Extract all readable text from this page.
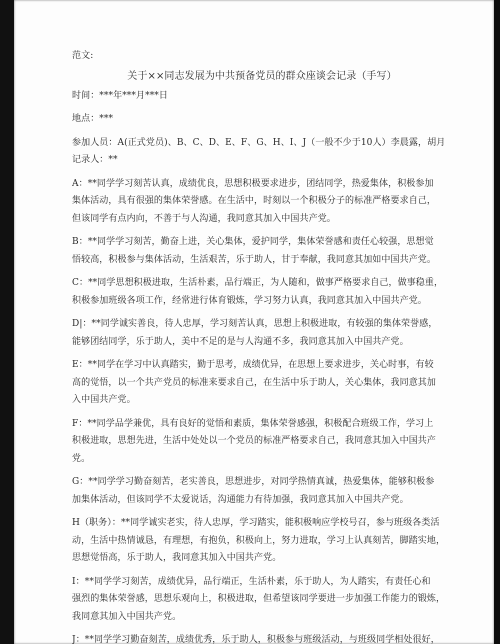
范文:
关于××同志发展为中共预备党员的群众座谈会记录（手写）
时间：***年***月***日
地点：***
参加人员：A(正式党员)、B、C、D、E、F、G、H、I、J（一般不少于10人）李晨露，胡月
记录人：**
A：**同学学习刻苦认真，成绩优良，思想积极要求进步，团结同学，热爱集体，积极参加
集体活动，具有很强的集体荣誉感。在生活中，时刻以一个积极分子的标准严格要求自己，
但该同学有点内向，不善于与人沟通，我同意其加入中国共产党。
B：**同学学习刻苦，勤奋上进，关心集体，爱护同学，集体荣誉感和责任心较强，思想觉
悟较高，积极参与集体活动，生活艰苦，乐于助人，甘于奉献，我同意其加如中国共产党。
C：**同学思想积极进取，生活朴素，品行端正，为人随和，做事严格要求自己，做事稳重，
积极参加班级各项工作，经常进行体育锻炼，学习努力认真，我同意其加入中国共产党。
D|：**同学诚实善良，待人忠厚，学习刻苦认真，思想上积极进取，有较强的集体荣誉感，
能够团结同学，乐于助人，美中不足的是与人沟通不多，我同意其加入中国共产党。
E：**同学在学习中认真踏实，勤于思考，成绩优异，在思想上要求进步，关心时事，有较
高的觉悟，以一个共产党员的标准来要求自己，在生活中乐于助人，关心集体，我同意其加
入中国共产党。
F：**同学品学兼优，具有良好的觉悟和素质，集体荣誉感强，积极配合班级工作，学习上
积极进取，思想先进，生活中处处以一个党员的标准严格要求自己，我同意其加入中国共产
党。
G：**同学学习勤奋刻苦，老实善良，思想进步，对同学热情真诚，热爱集体，能够积极参
加集体活动，但该同学不太爱说话，沟通能力有待加强，我同意其加入中国共产党。
H（职务）：**同学诚实老实，待人忠厚，学习踏实，能积极响应学校号召，参与班级各类活
动，生活中热情诚恳，有理想，有抱负，积极向上，努力进取，学习上认真刻苦，脚踏实地，
思想觉悟高，乐于助人，我同意其加入中国共产党。
I：**同学学习刻苦，成绩优异，品行端正，生活朴素，乐于助人，为人踏实，有责任心和
强烈的集体荣誉感，思想乐观向上，积极进取，但希望该同学要进一步加强工作能力的锻炼，
我同意其加入中国共产党。
J：**同学学习勤奋刻苦，成绩优秀，乐于助人，积极参与班级活动，与班级同学相处很好，
